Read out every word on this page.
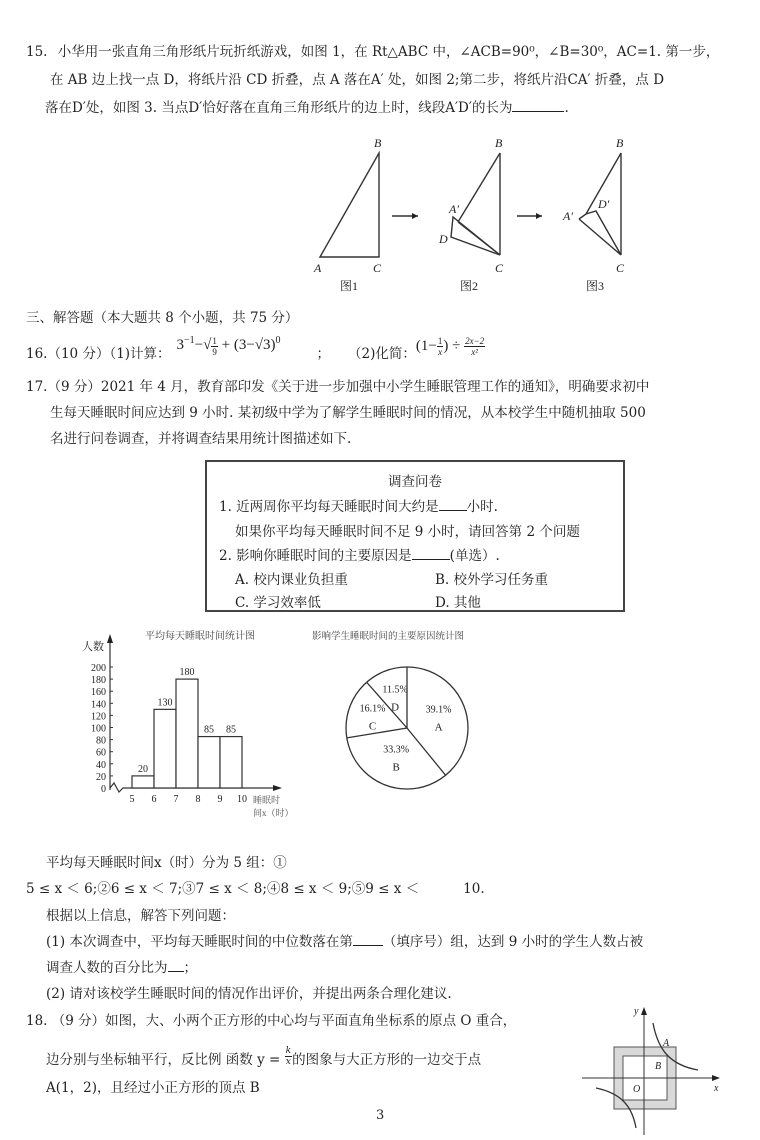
15. 小华用一张直角三角形纸片玩折纸游戏，如图 1，在 Rt△ABC 中，∠ACB=90⁰，∠B=30⁰，AC=1. 第一步，
在 AB 边上找一点 D，将纸片沿 CD 折叠，点 A 落在A′ 处，如图 2;第二步，将纸片沿CA′ 折叠，点 D
落在D′处，如图 3. 当点D′恰好落在直角三角形纸片的边上时，线段A′D′的长为	.
A
B
C
B
C
A′
D
B
C
A′
D′
图1	图2	图3
三、解答题（本大题共 8 个小题，共 75 分）
16.（10 分）（1)计算：
$3^{-1}-√ \frac{1}{9} + (3-√3)^0$
； （2)化简：
($1- \frac{1}{x}$ ) ÷ $\frac{2x-2}{\text{x²}}$
17.（9 分）2021 年 4 月，教育部印发《关于进一步加强中小学生睡眠管理工作的通知》，明确要求初中
生每天睡眠时间应达到 9 小时. 某初级中学为了解学生睡眠时间的情况，从本校学生中随机抽取 500
名进行问卷调查，并将调查结果用统计图描述如下.
调查问卷
1. 近两周你平均每天睡眠时间大约是 小时.
如果你平均每天睡眠时间不足 9 小时，请回答第 2 个问题
2. 影响你睡眠时间的主要原因是	(单选）.
A. 校内课业负担重	B. 校外学习任务重
C. 学习效率低	D. 其他
平均每天睡眠时间统计图
人数
睡眠时
间x（时）
0
20
40
60
80
100
120
140
160
180
200
5 6 7 8 9 10
20
130
180
85 85
影响学生睡眠时间的主要原因统计图
39.1%
A
33.3%
B
16.1%
C
11.5%
D
平均每天睡眠时间x（时）分为 5 组：①
5 ≤ x ＜ 6;②6 ≤ x ＜ 7;③7 ≤ x ＜ 8;④8 ≤ x ＜ 9;⑤9 ≤ x ＜	10.
根据以上信息，解答下列问题：
(1) 本次调查中，平均每天睡眠时间的中位数落在第 （填序号）组，达到 9 小时的学生人数占被
调查人数的百分比为 ；
(2) 请对该校学生睡眠时间的情况作出评价，并提出两条合理化建议.
18. （9 分）如图，大、小两个正方形的中心均与平面直角坐标系的原点 O 重合，
边分别与坐标轴平行，反比例 函数 $y = \frac{k}{x}$ 的图象与大正方形的一边交于点
A(1，2)，且经过小正方形的顶点 B
y
x
O
A
B
3
